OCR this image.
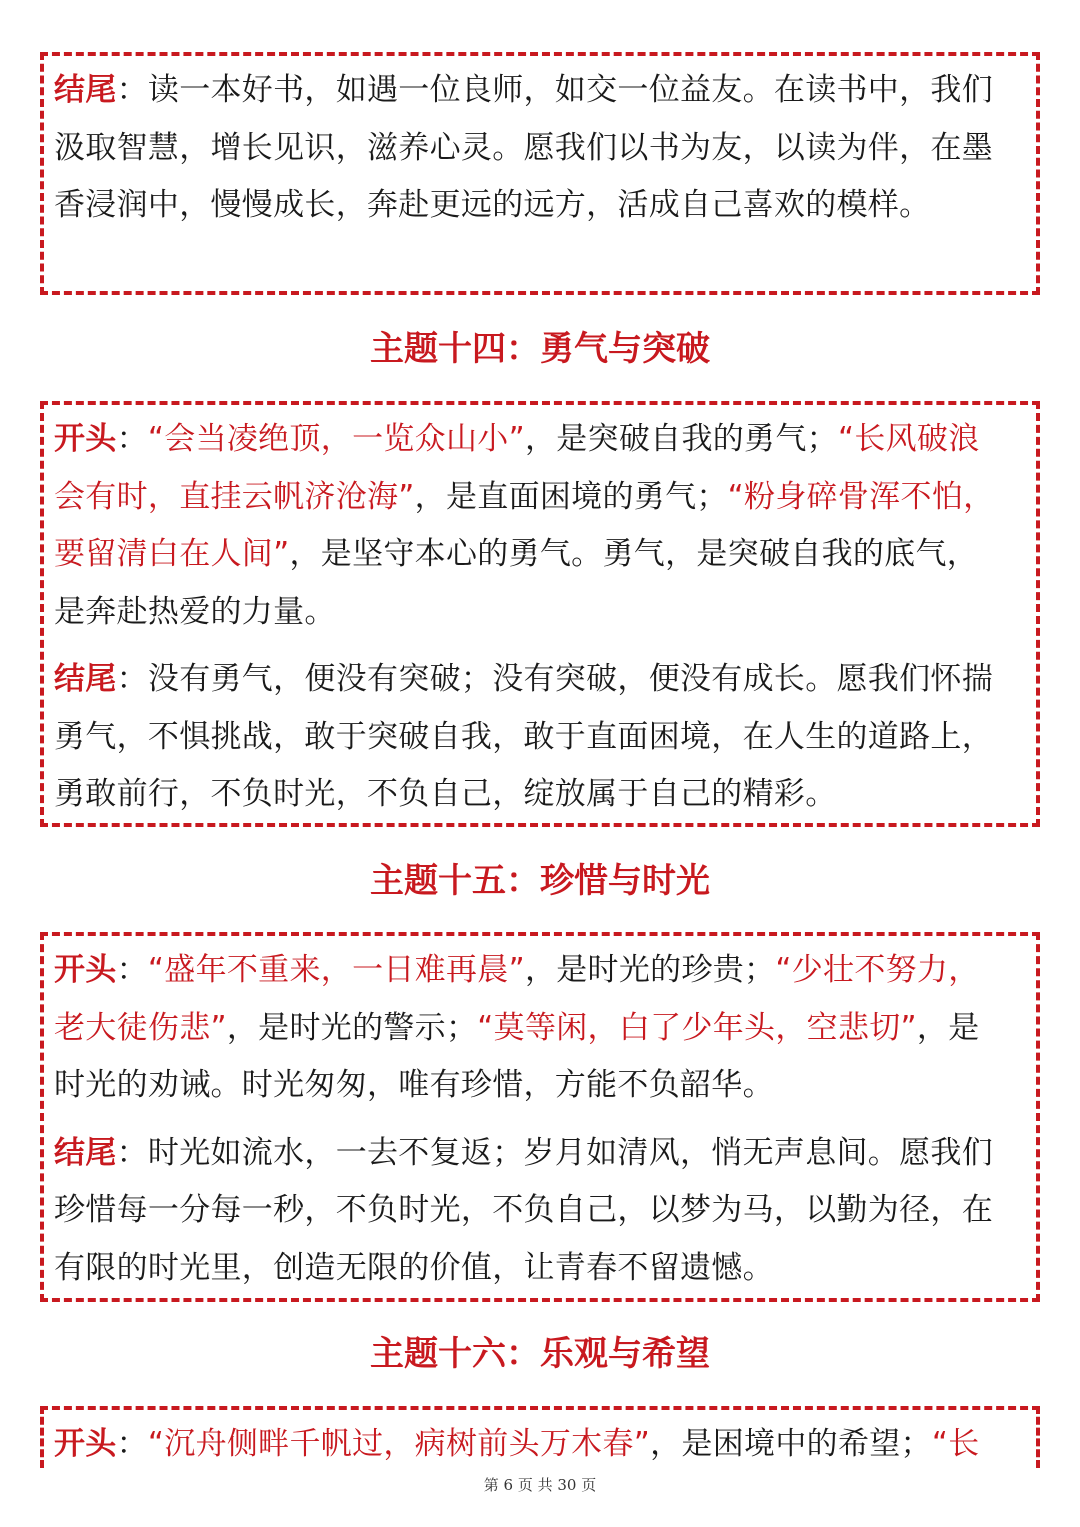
结尾：读一本好书，如遇一位良师，如交一位益友。在读书中，我们汲取智慧，增长见识，滋养心灵。愿我们以书为友，以读为伴，在墨香浸润中，慢慢成长，奔赴更远的远方，活成自己喜欢的模样。

主题十四：勇气与突破

开头：“会当凌绝顶，一览众山小”，是突破自我的勇气；“长风破浪会有时，直挂云帆济沧海”，是直面困境的勇气；“粉身碎骨浑不怕，要留清白在人间”，是坚守本心的勇气。勇气，是突破自我的底气，是奔赴热爱的力量。

结尾：没有勇气，便没有突破；没有突破，便没有成长。愿我们怀揣勇气，不惧挑战，敢于突破自我，敢于直面困境，在人生的道路上，勇敢前行，不负时光，不负自己，绽放属于自己的精彩。

主题十五：珍惜与时光

开头：“盛年不重来，一日难再晨”，是时光的珍贵；“少壮不努力，老大徒伤悲”，是时光的警示；“莫等闲，白了少年头，空悲切”，是时光的劝诫。时光匆匆，唯有珍惜，方能不负韶华。

结尾：时光如流水，一去不复返；岁月如清风，悄无声息间。愿我们珍惜每一分每一秒，不负时光，不负自己，以梦为马，以勤为径，在有限的时光里，创造无限的价值，让青春不留遗憾。

主题十六：乐观与希望

开头：“沉舟侧畔千帆过，病树前头万木春”，是困境中的希望；“长

第 6 页 共 30 页
